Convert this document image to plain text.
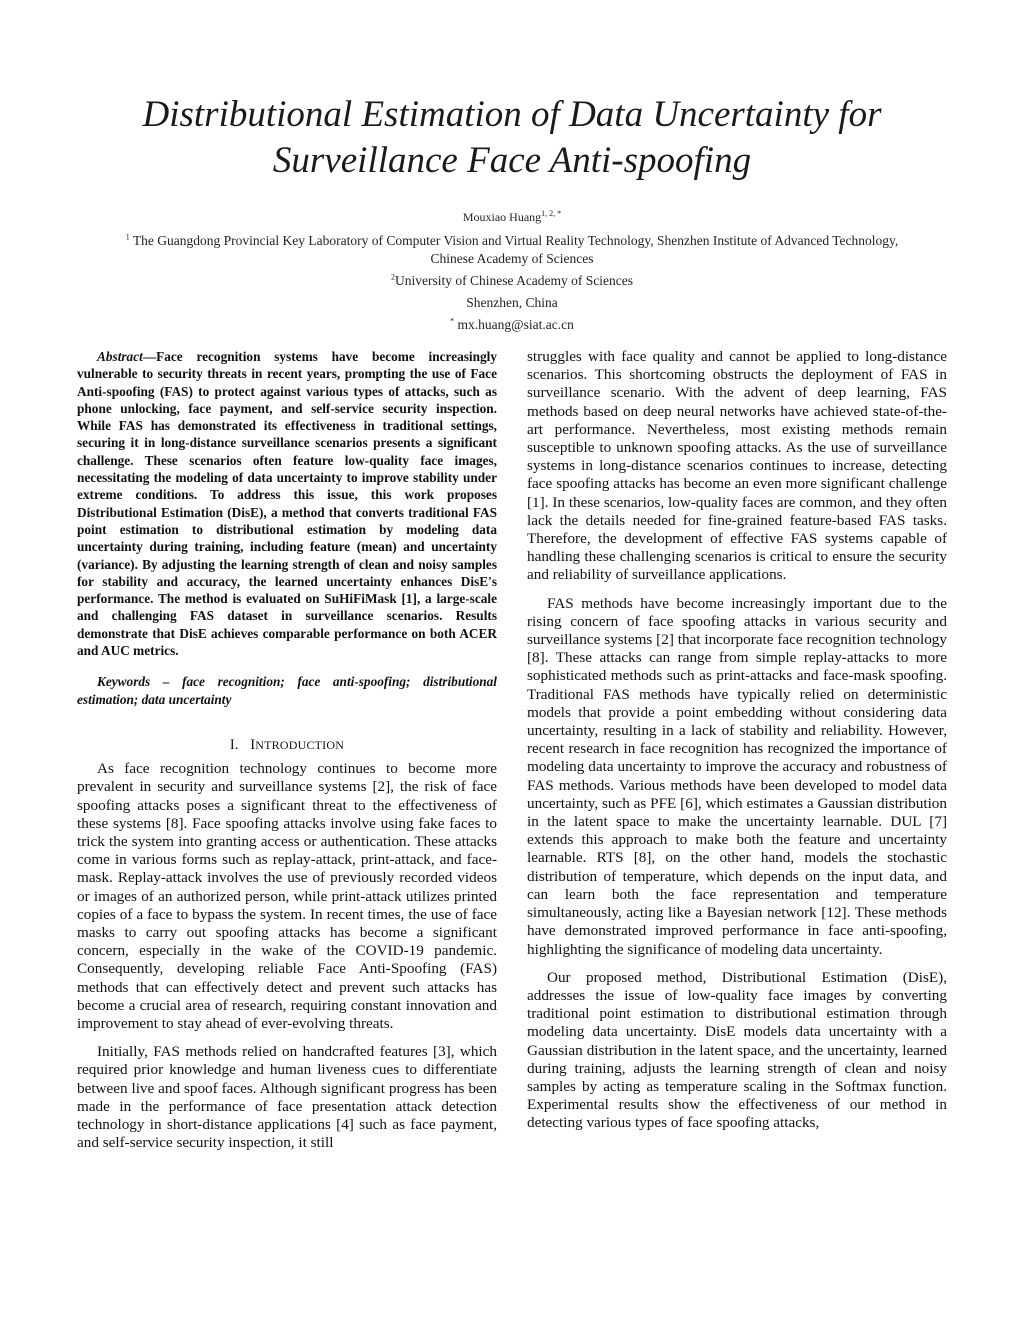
Distributional Estimation of Data Uncertainty for
Surveillance Face Anti-spoofing
Mouxiao Huang$^{1, 2, *}$
$^1$ The Guangdong Provincial Key Laboratory of Computer Vision and Virtual Reality Technology, Shenzhen Institute of Advanced Technology,
Chinese Academy of Sciences
$^2$University of Chinese Academy of Sciences
Shenzhen, China
* mx.huang@siat.ac.cn

Abstract—Face recognition systems have become increasingly vulnerable to security threats in recent years, prompting the use of Face Anti-spoofing (FAS) to protect against various types of attacks, such as phone unlocking, face payment, and self-service security inspection. While FAS has demonstrated its effectiveness in traditional settings, securing it in long-distance surveillance scenarios presents a significant challenge. These scenarios often feature low-quality face images, necessitating the modeling of data uncertainty to improve stability under extreme conditions. To address this issue, this work proposes Distributional Estimation (DisE), a method that converts traditional FAS point estimation to distributional estimation by modeling data uncertainty during training, including feature (mean) and uncertainty (variance). By adjusting the learning strength of clean and noisy samples for stability and accuracy, the learned uncertainty enhances DisE's performance. The method is evaluated on SuHiFiMask [1], a large-scale and challenging FAS dataset in surveillance scenarios. Results demonstrate that DisE achieves comparable performance on both ACER and AUC metrics.

Keywords – face recognition; face anti-spoofing; distributional estimation; data uncertainty

I. INTRODUCTION

As face recognition technology continues to become more prevalent in security and surveillance systems [2], the risk of face spoofing attacks poses a significant threat to the effectiveness of these systems [8]. Face spoofing attacks involve using fake faces to trick the system into granting access or authentication. These attacks come in various forms such as replay-attack, print-attack, and face-mask. Replay-attack involves the use of previously recorded videos or images of an authorized person, while print-attack utilizes printed copies of a face to bypass the system. In recent times, the use of face masks to carry out spoofing attacks has become a significant concern, especially in the wake of the COVID-19 pandemic. Consequently, developing reliable Face Anti-Spoofing (FAS) methods that can effectively detect and prevent such attacks has become a crucial area of research, requiring constant innovation and improvement to stay ahead of ever-evolving threats.

Initially, FAS methods relied on handcrafted features [3], which required prior knowledge and human liveness cues to differentiate between live and spoof faces. Although significant progress has been made in the performance of face presentation attack detection technology in short-distance applications [4] such as face payment, and self-service security inspection, it still

struggles with face quality and cannot be applied to long-distance scenarios. This shortcoming obstructs the deployment of FAS in surveillance scenario. With the advent of deep learning, FAS methods based on deep neural networks have achieved state-of-the-art performance. Nevertheless, most existing methods remain susceptible to unknown spoofing attacks. As the use of surveillance systems in long-distance scenarios continues to increase, detecting face spoofing attacks has become an even more significant challenge [1]. In these scenarios, low-quality faces are common, and they often lack the details needed for fine-grained feature-based FAS tasks. Therefore, the development of effective FAS systems capable of handling these challenging scenarios is critical to ensure the security and reliability of surveillance applications.

FAS methods have become increasingly important due to the rising concern of face spoofing attacks in various security and surveillance systems [2] that incorporate face recognition technology [8]. These attacks can range from simple replay-attacks to more sophisticated methods such as print-attacks and face-mask spoofing. Traditional FAS methods have typically relied on deterministic models that provide a point embedding without considering data uncertainty, resulting in a lack of stability and reliability. However, recent research in face recognition has recognized the importance of modeling data uncertainty to improve the accuracy and robustness of FAS methods. Various methods have been developed to model data uncertainty, such as PFE [6], which estimates a Gaussian distribution in the latent space to make the uncertainty learnable. DUL [7] extends this approach to make both the feature and uncertainty learnable. RTS [8], on the other hand, models the stochastic distribution of temperature, which depends on the input data, and can learn both the face representation and temperature simultaneously, acting like a Bayesian network [12]. These methods have demonstrated improved performance in face anti-spoofing, highlighting the significance of modeling data uncertainty.

Our proposed method, Distributional Estimation (DisE), addresses the issue of low-quality face images by converting traditional point estimation to distributional estimation through modeling data uncertainty. DisE models data uncertainty with a Gaussian distribution in the latent space, and the uncertainty, learned during training, adjusts the learning strength of clean and noisy samples by acting as temperature scaling in the Softmax function. Experimental results show the effectiveness of our method in detecting various types of face spoofing attacks,
